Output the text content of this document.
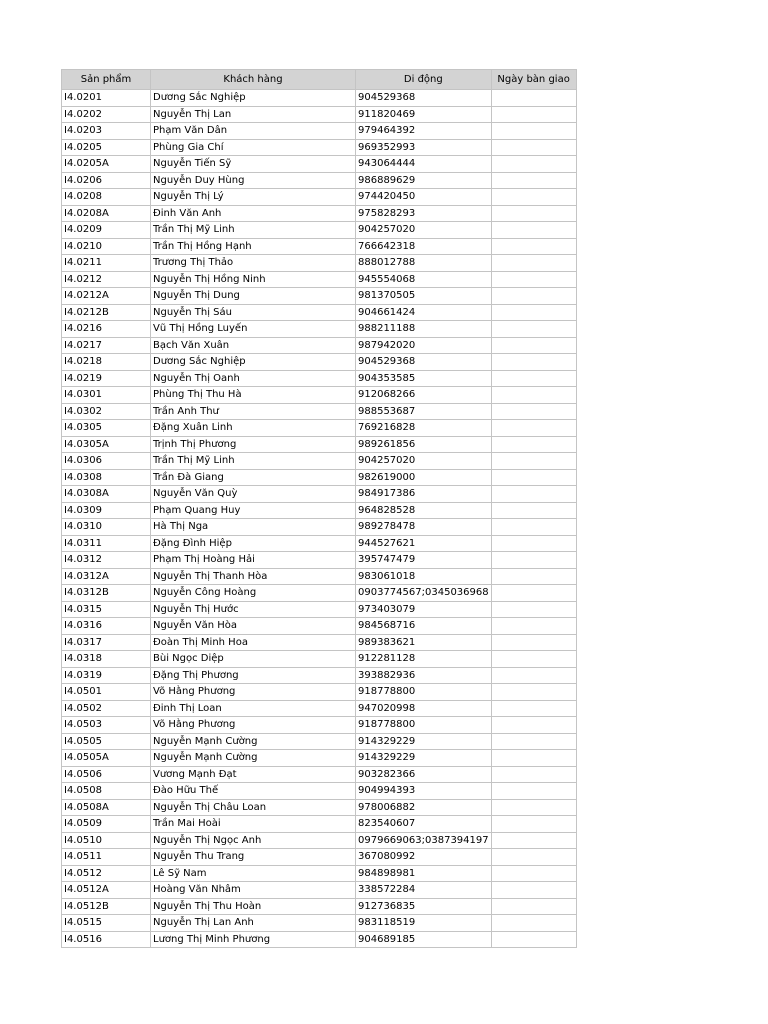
Sản phẩm	Khách hàng	Di động	Ngày bàn giao
I4.0201	Dương Sắc Nghiệp	904529368	
I4.0202	Nguyễn Thị Lan	911820469	
I4.0203	Phạm Văn Dân	979464392	
I4.0205	Phùng Gia Chí	969352993	
I4.0205A	Nguyễn Tiến Sỹ	943064444	
I4.0206	Nguyễn Duy Hùng	986889629	
I4.0208	Nguyễn Thị Lý	974420450	
I4.0208A	Đinh Văn Anh	975828293	
I4.0209	Trần Thị Mỹ Linh	904257020	
I4.0210	Trần Thị Hồng Hạnh	766642318	
I4.0211	Trương Thị Thảo	888012788	
I4.0212	Nguyễn Thị Hồng Ninh	945554068	
I4.0212A	Nguyễn Thị Dung	981370505	
I4.0212B	Nguyễn Thị Sáu	904661424	
I4.0216	Vũ Thị Hồng Luyến	988211188	
I4.0217	Bạch Văn Xuân	987942020	
I4.0218	Dương Sắc Nghiệp	904529368	
I4.0219	Nguyễn Thị Oanh	904353585	
I4.0301	Phùng Thị Thu Hà	912068266	
I4.0302	Trần Anh Thư	988553687	
I4.0305	Đặng Xuân Linh	769216828	
I4.0305A	Trịnh Thị Phương	989261856	
I4.0306	Trần Thị Mỹ Linh	904257020	
I4.0308	Trần Đà Giang	982619000	
I4.0308A	Nguyễn Văn Quỳ	984917386	
I4.0309	Phạm Quang Huy	964828528	
I4.0310	Hà Thị Nga	989278478	
I4.0311	Đặng Đình Hiệp	944527621	
I4.0312	Phạm Thị Hoàng Hải	395747479	
I4.0312A	Nguyễn Thị Thanh Hòa	983061018	
I4.0312B	Nguyễn Công Hoàng	0903774567;0345036968	
I4.0315	Nguyễn Thị Hước	973403079	
I4.0316	Nguyễn Văn Hòa	984568716	
I4.0317	Đoàn Thị Minh Hoa	989383621	
I4.0318	Bùi Ngọc Diệp	912281128	
I4.0319	Đặng Thị Phương	393882936	
I4.0501	Võ Hằng Phương	918778800	
I4.0502	Đinh Thị Loan	947020998	
I4.0503	Võ Hằng Phương	918778800	
I4.0505	Nguyễn Mạnh Cường	914329229	
I4.0505A	Nguyễn Mạnh Cường	914329229	
I4.0506	Vương Mạnh Đạt	903282366	
I4.0508	Đào Hữu Thế	904994393	
I4.0508A	Nguyễn Thị Châu Loan	978006882	
I4.0509	Trần Mai Hoài	823540607	
I4.0510	Nguyễn Thị Ngọc Anh	0979669063;0387394197	
I4.0511	Nguyễn Thu Trang	367080992	
I4.0512	Lê Sỹ Nam	984898981	
I4.0512A	Hoàng Văn Nhâm	338572284	
I4.0512B	Nguyễn Thị Thu Hoàn	912736835	
I4.0515	Nguyễn Thị Lan Anh	983118519	
I4.0516	Lương Thị Minh Phương	904689185	
